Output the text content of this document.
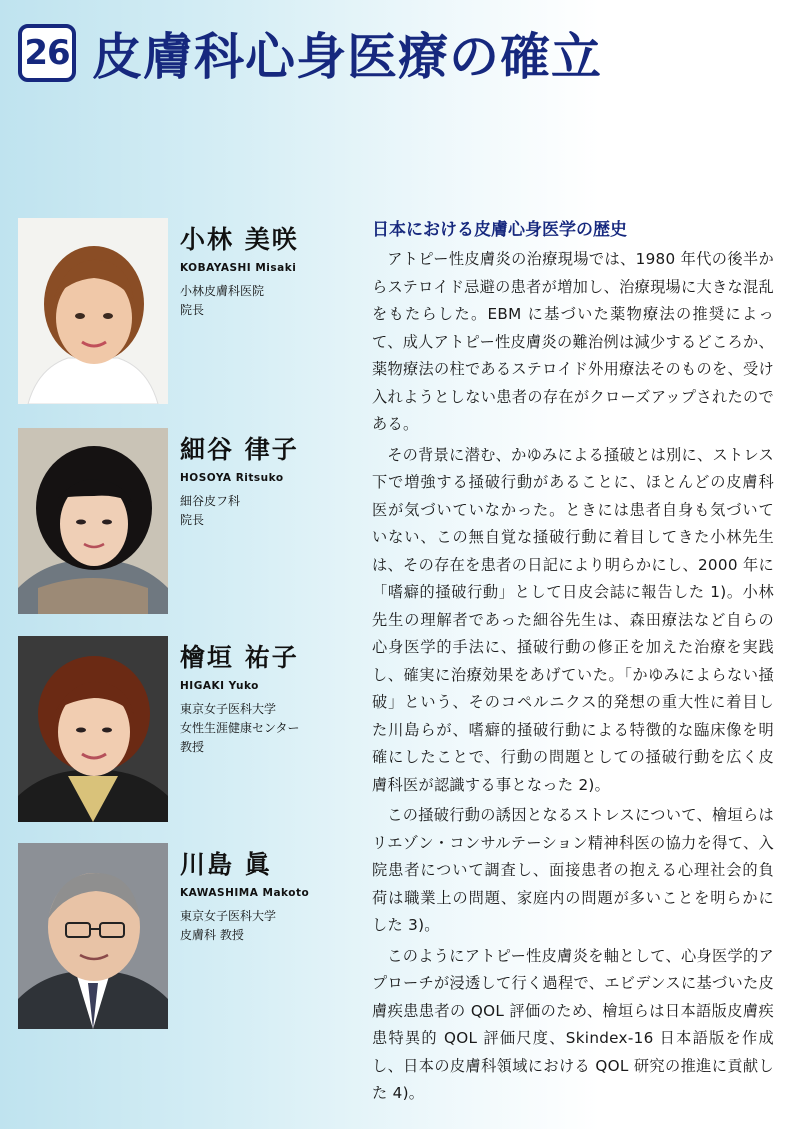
26 皮膚科心身医療の確立
小林 美咲
KOBAYASHI Misaki
小林皮膚科医院
院長
細谷 律子
HOSOYA Ritsuko
細谷皮フ科
院長
檜垣 祐子
HIGAKI Yuko
東京女子医科大学
女性生涯健康センター
教授
川島 眞
KAWASHIMA Makoto
東京女子医科大学
皮膚科 教授
日本における皮膚心身医学の歴史

アトピー性皮膚炎の治療現場では、1980 年代の後半からステロイド忌避の患者が増加し、治療現場に大きな混乱をもたらした。EBM に基づいた薬物療法の推奨によって、成人アトピー性皮膚炎の難治例は減少するどころか、薬物療法の柱であるステロイド外用療法そのものを、受け入れようとしない患者の存在がクローズアップされたのである。

その背景に潜む、かゆみによる掻破とは別に、ストレス下で増強する掻破行動があることに、ほとんどの皮膚科医が気づいていなかった。ときには患者自身も気づいていない、この無自覚な掻破行動に着目してきた小林先生は、その存在を患者の日記により明らかにし、2000 年に「嗜癖的掻破行動」として日皮会誌に報告した 1)。小林先生の理解者であった細谷先生は、森田療法など自らの心身医学的手法に、掻破行動の修正を加えた治療を実践し、確実に治療効果をあげていた。「かゆみによらない掻破」という、そのコペルニクス的発想の重大性に着目した川島らが、嗜癖的掻破行動による特徴的な臨床像を明確にしたことで、行動の問題としての掻破行動を広く皮膚科医が認識する事となった 2)。

この掻破行動の誘因となるストレスについて、檜垣らはリエゾン・コンサルテーション精神科医の協力を得て、入院患者について調査し、面接患者の抱える心理社会的負荷は職業上の問題、家庭内の問題が多いことを明らかにした 3)。

このようにアトピー性皮膚炎を軸として、心身医学的アプローチが浸透して行く過程で、エビデンスに基づいた皮膚疾患患者の QOL 評価のため、檜垣らは日本語版皮膚疾患特異的 QOL 評価尺度、Skindex-16 日本語版を作成し、日本の皮膚科領域における QOL 研究の推進に貢献した 4)。
